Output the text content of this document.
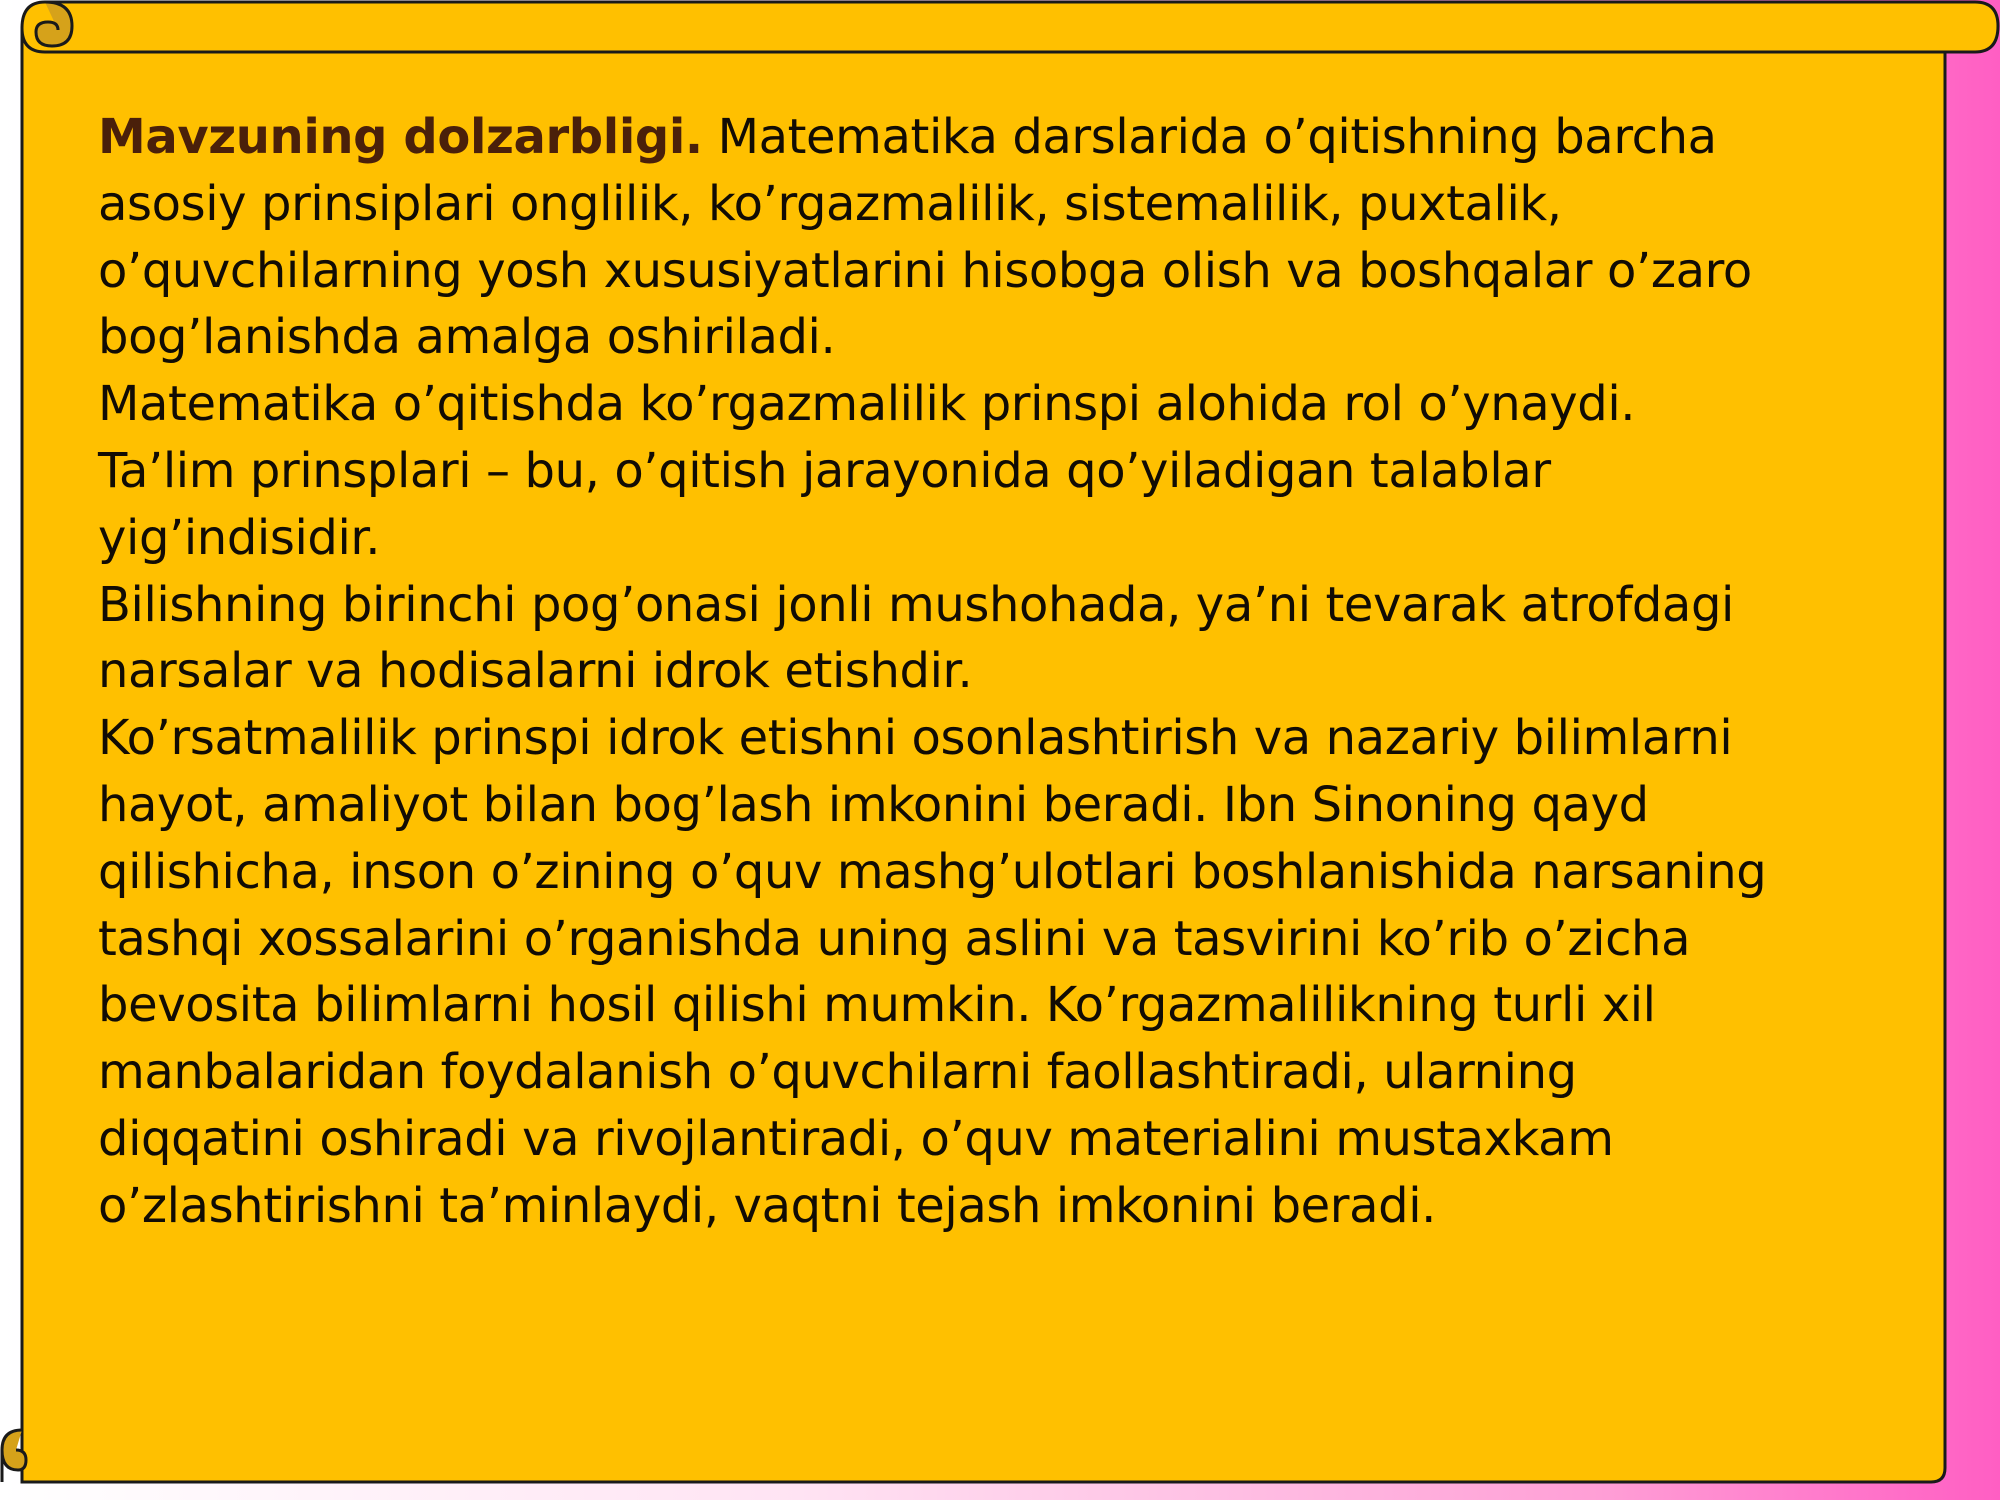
Mavzuning dolzarbligi. Matematika darslarida o’qitishning barcha
asosiy prinsiplari onglilik, ko’rgazmalilik, sistemalilik, puxtalik,
o’quvchilarning yosh xususiyatlarini hisobga olish va boshqalar o’zaro
bog’lanishda amalga oshiriladi.
Matematika o’qitishda ko’rgazmalilik prinspi alohida rol o’ynaydi.
Ta’lim prinsplari – bu, o’qitish jarayonida qo’yiladigan talablar
yig’indisidir.
Bilishning birinchi pog’onasi jonli mushohada, ya’ni tevarak atrofdagi
narsalar va hodisalarni idrok etishdir.
Ko’rsatmalilik prinspi idrok etishni osonlashtirish va nazariy bilimlarni
hayot, amaliyot bilan bog’lash imkonini beradi. Ibn Sinoning qayd
qilishicha, inson o’zining o’quv mashg’ulotlari boshlanishida narsaning
tashqi xossalarini o’rganishda uning aslini va tasvirini ko’rib o’zicha
bevosita bilimlarni hosil qilishi mumkin. Ko’rgazmalilikning turli xil
manbalaridan foydalanish o’quvchilarni faollashtiradi, ularning
diqqatini oshiradi va rivojlantiradi, o’quv materialini mustaxkam
o’zlashtirishni ta’minlaydi, vaqtni tejash imkonini beradi.
